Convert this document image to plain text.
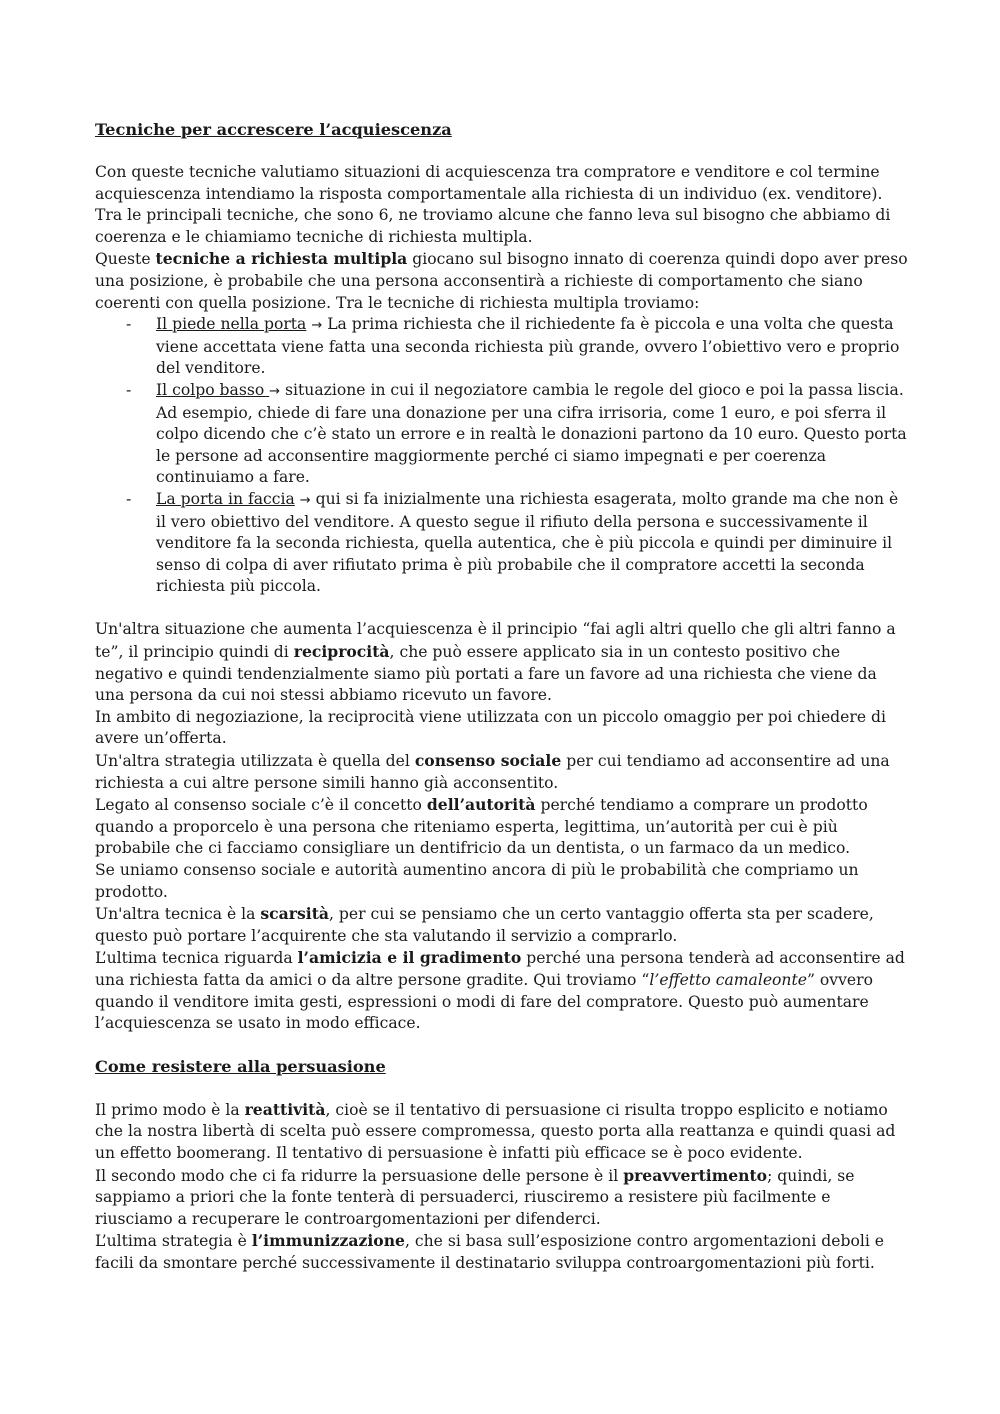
Tecniche per accrescere l’acquiescenza

Con queste tecniche valutiamo situazioni di acquiescenza tra compratore e venditore e col termine acquiescenza intendiamo la risposta comportamentale alla richiesta di un individuo (ex. venditore).

Tra le principali tecniche, che sono 6, ne troviamo alcune che fanno leva sul bisogno che abbiamo di coerenza e le chiamiamo tecniche di richiesta multipla.

Queste tecniche a richiesta multipla giocano sul bisogno innato di coerenza quindi dopo aver preso una posizione, è probabile che una persona acconsentirà a richieste di comportamento che siano coerenti con quella posizione. Tra le tecniche di richiesta multipla troviamo:

- Il piede nella porta → La prima richiesta che il richiedente fa è piccola e una volta che questa viene accettata viene fatta una seconda richiesta più grande, ovvero l’obiettivo vero e proprio del venditore.
- Il colpo basso → situazione in cui il negoziatore cambia le regole del gioco e poi la passa liscia. Ad esempio, chiede di fare una donazione per una cifra irrisoria, come 1 euro, e poi sferra il colpo dicendo che c’è stato un errore e in realtà le donazioni partono da 10 euro. Questo porta le persone ad acconsentire maggiormente perché ci siamo impegnati e per coerenza continuiamo a fare.
- La porta in faccia → qui si fa inizialmente una richiesta esagerata, molto grande ma che non è il vero obiettivo del venditore. A questo segue il rifiuto della persona e successivamente il venditore fa la seconda richiesta, quella autentica, che è più piccola e quindi per diminuire il senso di colpa di aver rifiutato prima è più probabile che il compratore accetti la seconda richiesta più piccola.

Un'altra situazione che aumenta l’acquiescenza è il principio “fai agli altri quello che gli altri fanno a te”, il principio quindi di reciprocità, che può essere applicato sia in un contesto positivo che negativo e quindi tendenzialmente siamo più portati a fare un favore ad una richiesta che viene da una persona da cui noi stessi abbiamo ricevuto un favore.

In ambito di negoziazione, la reciprocità viene utilizzata con un piccolo omaggio per poi chiedere di avere un’offerta.

Un'altra strategia utilizzata è quella del consenso sociale per cui tendiamo ad acconsentire ad una richiesta a cui altre persone simili hanno già acconsentito.

Legato al consenso sociale c’è il concetto dell’autorità perché tendiamo a comprare un prodotto quando a proporcelo è una persona che riteniamo esperta, legittima, un’autorità per cui è più probabile che ci facciamo consigliare un dentifricio da un dentista, o un farmaco da un medico.

Se uniamo consenso sociale e autorità aumentino ancora di più le probabilità che compriamo un prodotto.

Un'altra tecnica è la scarsità, per cui se pensiamo che un certo vantaggio offerta sta per scadere, questo può portare l’acquirente che sta valutando il servizio a comprarlo.

L’ultima tecnica riguarda l’amicizia e il gradimento perché una persona tenderà ad acconsentire ad una richiesta fatta da amici o da altre persone gradite. Qui troviamo “l’effetto camaleonte” ovvero quando il venditore imita gesti, espressioni o modi di fare del compratore. Questo può aumentare l’acquiescenza se usato in modo efficace.

Come resistere alla persuasione

Il primo modo è la reattività, cioè se il tentativo di persuasione ci risulta troppo esplicito e notiamo che la nostra libertà di scelta può essere compromessa, questo porta alla reattanza e quindi quasi ad un effetto boomerang. Il tentativo di persuasione è infatti più efficace se è poco evidente.

Il secondo modo che ci fa ridurre la persuasione delle persone è il preavvertimento; quindi, se sappiamo a priori che la fonte tenterà di persuaderci, riusciremo a resistere più facilmente e riusciamo a recuperare le controargomentazioni per difenderci.

L’ultima strategia è l’immunizzazione, che si basa sull’esposizione contro argomentazioni deboli e facili da smontare perché successivamente il destinatario sviluppa controargomentazioni più forti.
